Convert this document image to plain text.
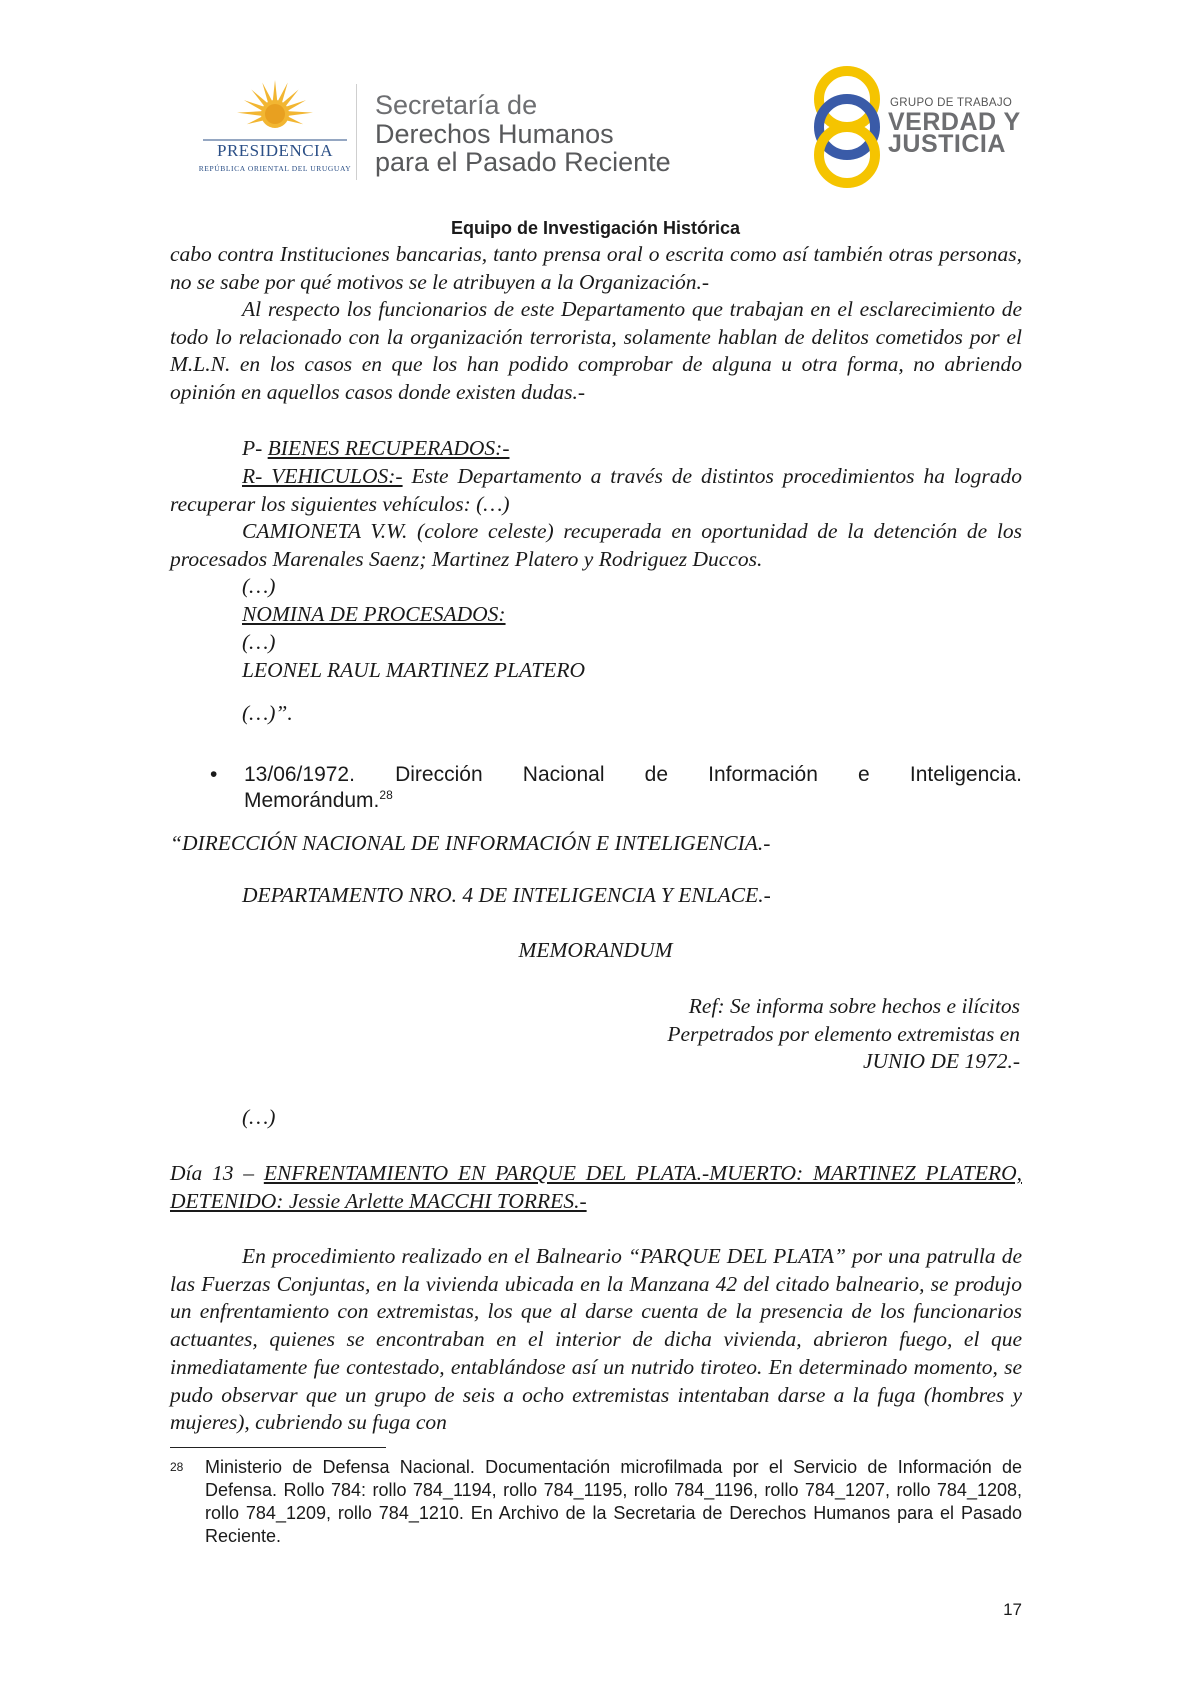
PRESIDENCIA
REPÚBLICA ORIENTAL DEL URUGUAY
Secretaría de
Derechos Humanos
para el Pasado Reciente
GRUPO DE TRABAJO
VERDAD Y
JUSTICIA
Equipo de Investigación Histórica
cabo contra Instituciones bancarias, tanto prensa oral o escrita como así también otras personas, no se sabe por qué motivos se le atribuyen a la Organización.-
Al respecto los funcionarios de este Departamento que trabajan en el esclarecimiento de todo lo relacionado con la organización terrorista, solamente hablan de delitos cometidos por el M.L.N. en los casos en que los han podido comprobar de alguna u otra forma, no abriendo opinión en aquellos casos donde existen dudas.-
P- BIENES RECUPERADOS:-
R- VEHICULOS:- Este Departamento a través de distintos procedimientos ha logrado recuperar los siguientes vehículos: (…)
CAMIONETA V.W. (colore celeste) recuperada en oportunidad de la detención de los procesados Marenales Saenz; Martinez Platero y Rodriguez Duccos.
(…)
NOMINA DE PROCESADOS:
(…)
LEONEL RAUL MARTINEZ PLATERO
(…)”.
• 13/06/1972. Dirección Nacional de Información e Inteligencia.
Memorándum.$^{28}$
“DIRECCIÓN NACIONAL DE INFORMACIÓN E INTELIGENCIA.-
DEPARTAMENTO NRO. 4 DE INTELIGENCIA Y ENLACE.-
MEMORANDUM
Ref: Se informa sobre hechos e ilícitos
Perpetrados por elemento extremistas en
JUNIO DE 1972.-
(…)
Día 13 – ENFRENTAMIENTO EN PARQUE DEL PLATA.-MUERTO: MARTINEZ PLATERO, DETENIDO: Jessie Arlette MACCHI TORRES.-
En procedimiento realizado en el Balneario “PARQUE DEL PLATA” por una patrulla de las Fuerzas Conjuntas, en la vivienda ubicada en la Manzana 42 del citado balneario, se produjo un enfrentamiento con extremistas, los que al darse cuenta de la presencia de los funcionarios actuantes, quienes se encontraban en el interior de dicha vivienda, abrieron fuego, el que inmediatamente fue contestado, entablándose así un nutrido tiroteo. En determinado momento, se pudo observar que un grupo de seis a ocho extremistas intentaban darse a la fuga (hombres y mujeres), cubriendo su fuga con
28 Ministerio de Defensa Nacional. Documentación microfilmada por el Servicio de Información de Defensa. Rollo 784: rollo 784_1194, rollo 784_1195, rollo 784_1196, rollo 784_1207, rollo 784_1208, rollo 784_1209, rollo 784_1210. En Archivo de la Secretaria de Derechos Humanos para el Pasado Reciente.
17
